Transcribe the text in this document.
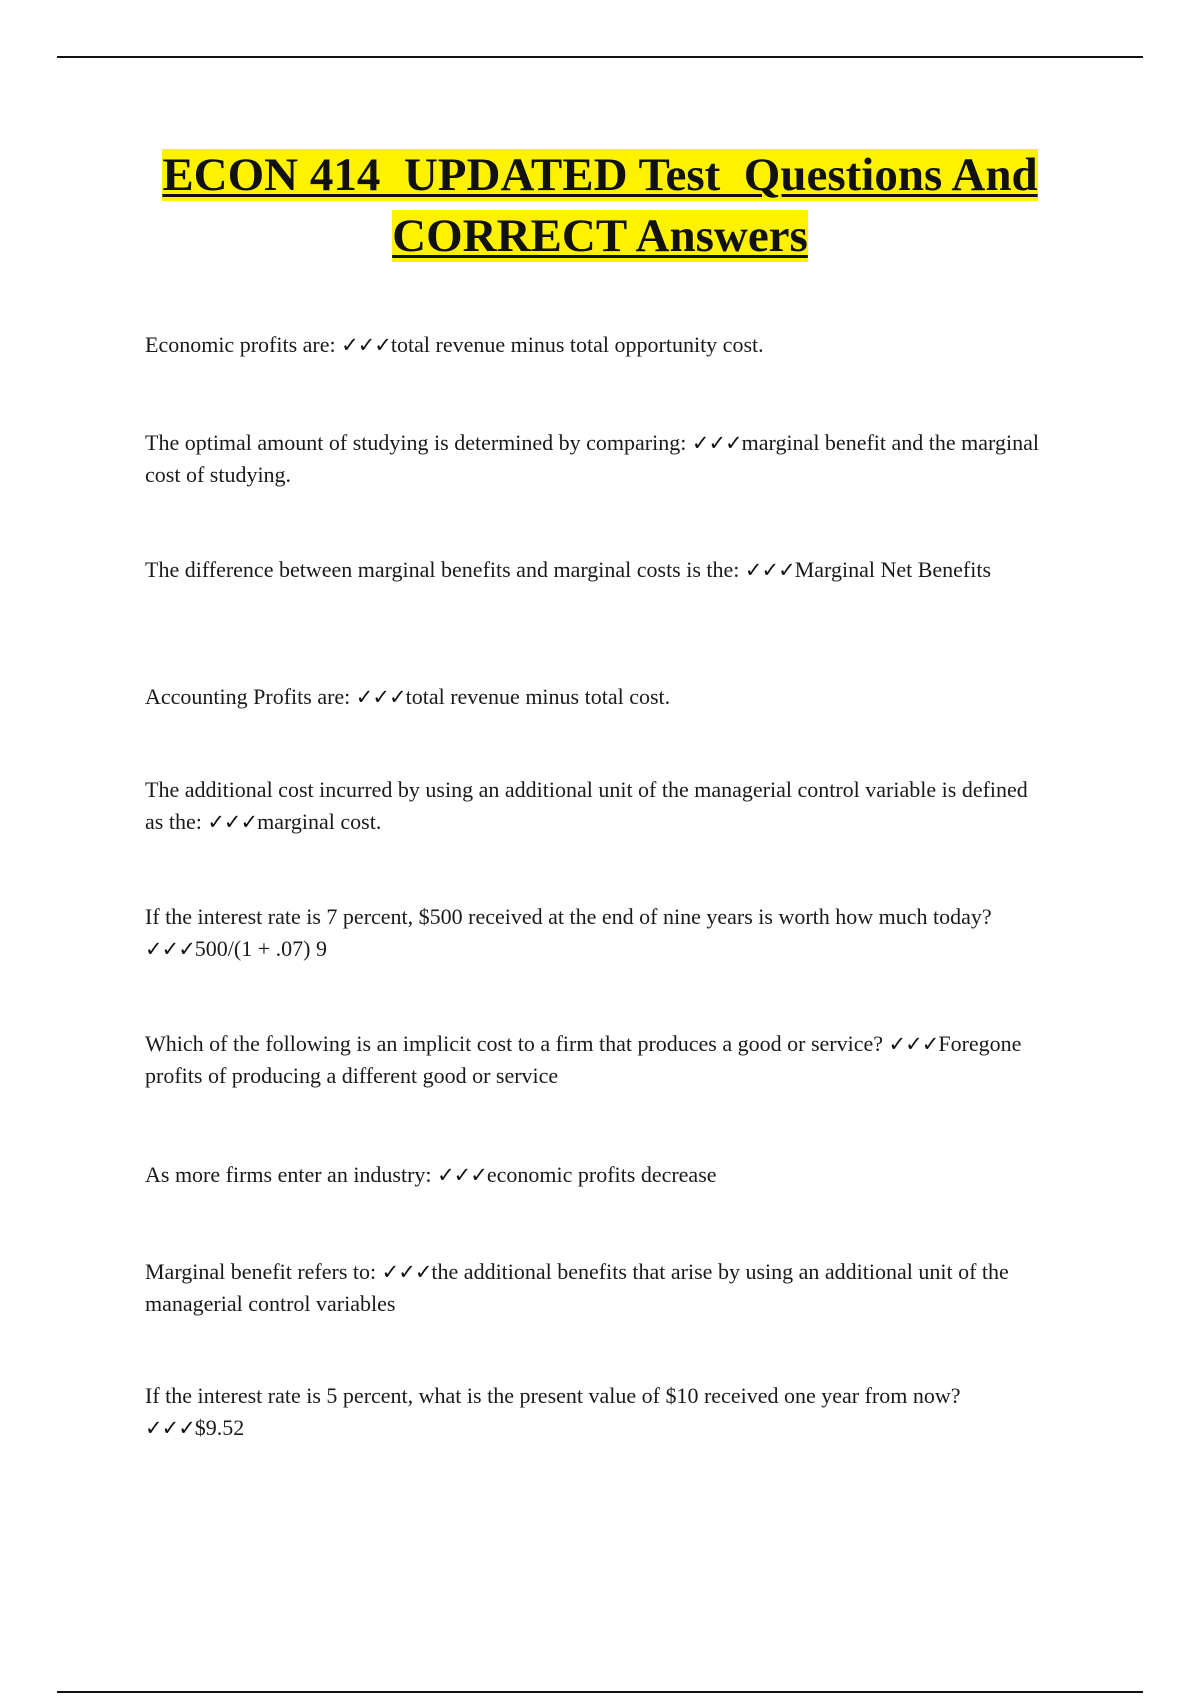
ECON 414  UPDATED Test  Questions And
CORRECT Answers

Economic profits are: ✓✓✓total revenue minus total opportunity cost.

The optimal amount of studying is determined by comparing: ✓✓✓marginal benefit and the marginal cost of studying.

The difference between marginal benefits and marginal costs is the: ✓✓✓Marginal Net Benefits

Accounting Profits are: ✓✓✓total revenue minus total cost.

The additional cost incurred by using an additional unit of the managerial control variable is defined as the: ✓✓✓marginal cost.

If the interest rate is 7 percent, $500 received at the end of nine years is worth how much today? ✓✓✓500/(1 + .07) 9

Which of the following is an implicit cost to a firm that produces a good or service? ✓✓✓Foregone profits of producing a different good or service

As more firms enter an industry: ✓✓✓economic profits decrease

Marginal benefit refers to: ✓✓✓the additional benefits that arise by using an additional unit of the managerial control variables

If the interest rate is 5 percent, what is the present value of $10 received one year from now? ✓✓✓$9.52
